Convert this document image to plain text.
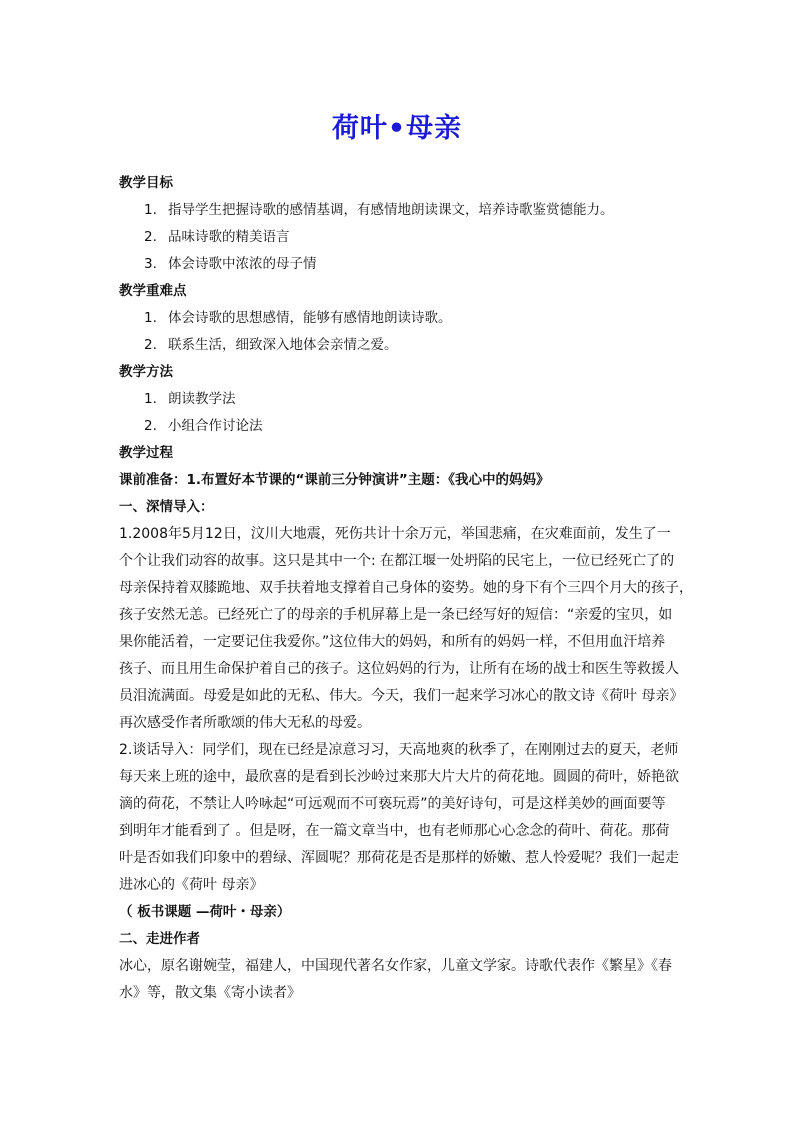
荷叶•母亲
教学目标
1. 指导学生把握诗歌的感情基调，有感情地朗读课文，培养诗歌鉴赏德能力。
2. 品味诗歌的精美语言
3. 体会诗歌中浓浓的母子情
教学重难点
1. 体会诗歌的思想感情，能够有感情地朗读诗歌。
2. 联系生活，细致深入地体会亲情之爱。
教学方法
1. 朗读教学法
2. 小组合作讨论法
教学过程
课前准备：1.布置好本节课的“课前三分钟演讲”主题：《我心中的妈妈》
一、深情导入：

1.2008年5月12日，汶川大地震，死伤共计十余万元，举国悲痛，在灾难面前，发生了一
个个让我们动容的故事。这只是其中一个: 在都江堰一处坍陷的民宅上，一位已经死亡了的
母亲保持着双膝跪地、双手扶着地支撑着自己身体的姿势。她的身下有个三四个月大的孩子，
孩子安然无恙。已经死亡了的母亲的手机屏幕上是一条已经写好的短信：“亲爱的宝贝，如
果你能活着，一定要记住我爱你。”这位伟大的妈妈，和所有的妈妈一样，不但用血汗培养
孩子、而且用生命保护着自己的孩子。这位妈妈的行为，让所有在场的战士和医生等救援人
员泪流满面。母爱是如此的无私、伟大。今天，我们一起来学习冰心的散文诗《荷叶 母亲》
再次感受作者所歌颂的伟大无私的母爱。

2.谈话导入：同学们，现在已经是凉意习习，天高地爽的秋季了，在刚刚过去的夏天，老师
每天来上班的途中，最欣喜的是看到长沙岭过来那大片大片的荷花地。圆圆的荷叶，娇艳欲
滴的荷花，不禁让人吟咏起“可远观而不可亵玩焉”的美好诗句，可是这样美妙的画面要等
到明年才能看到了 。但是呀，在一篇文章当中，也有老师那心心念念的荷叶、荷花。那荷
叶是否如我们印象中的碧绿、浑圆呢？那荷花是否是那样的娇嫩、惹人怜爱呢？我们一起走
进冰心的《荷叶 母亲》

（ 板书课题 —荷叶・母亲）
二、走进作者

冰心，原名谢婉莹，福建人，中国现代著名女作家，儿童文学家。诗歌代表作《繁星》《春
水》等，散文集《寄小读者》
